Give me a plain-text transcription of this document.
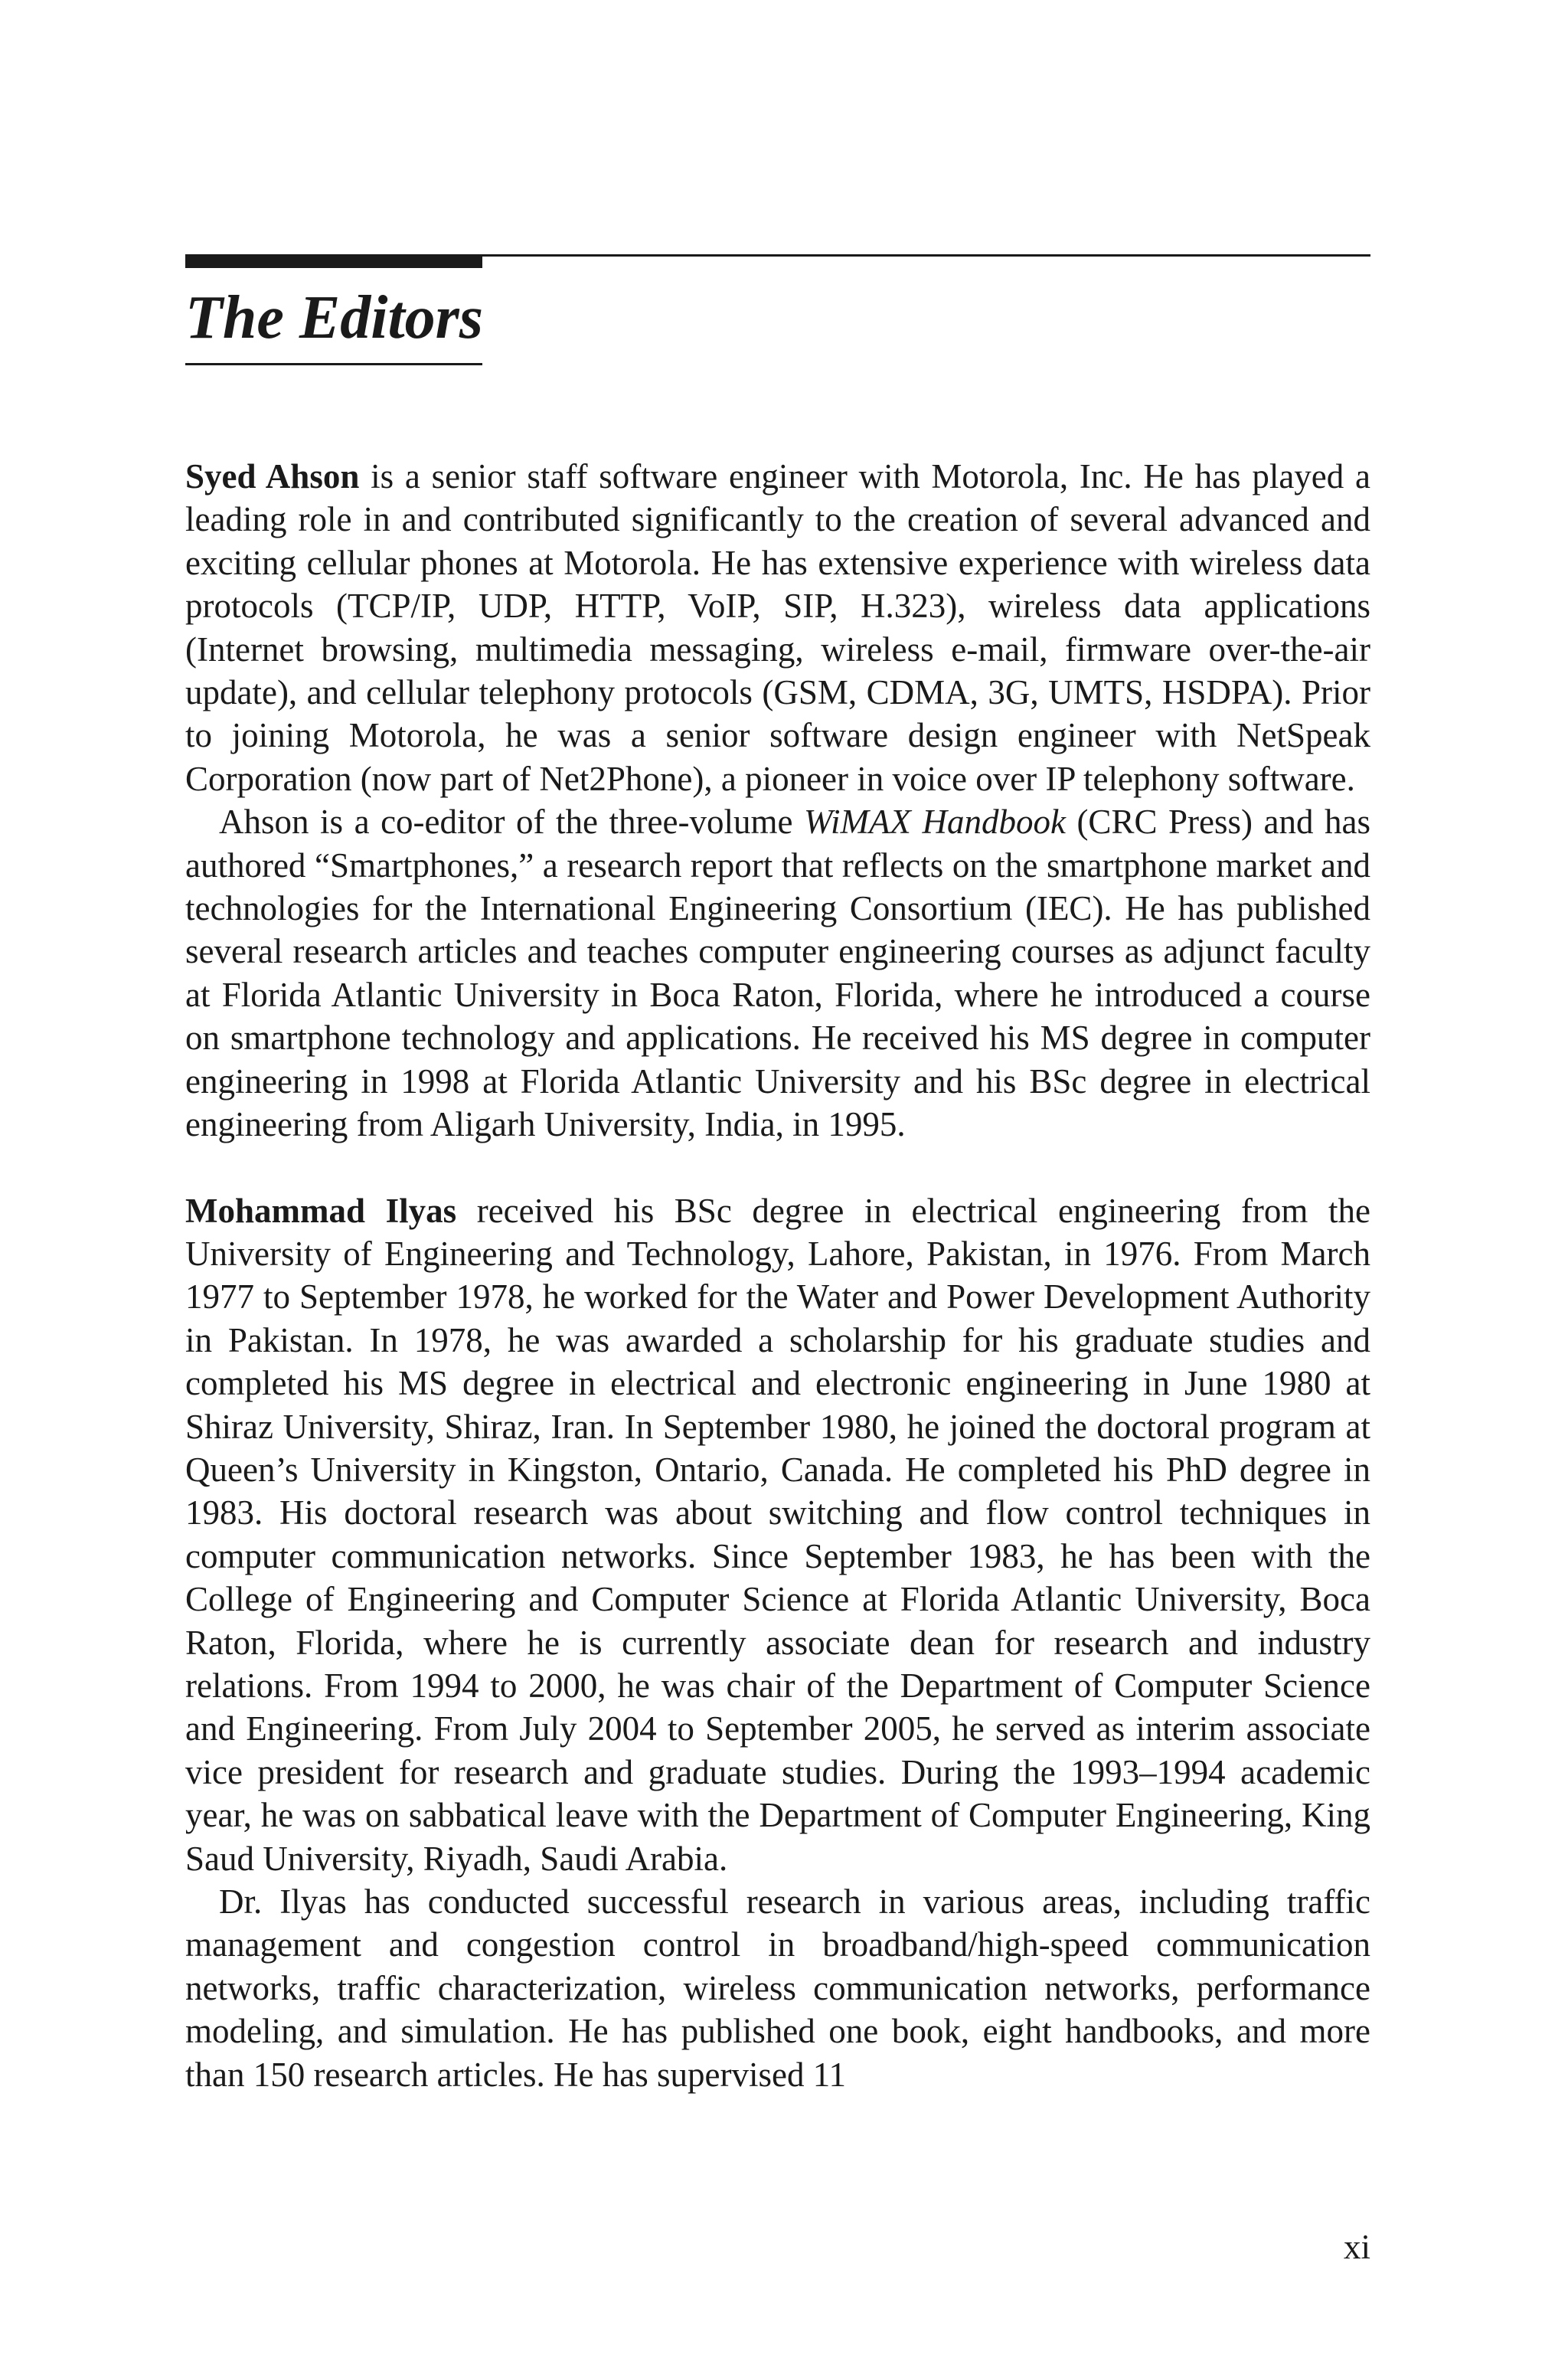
The Editors

Syed Ahson is a senior staff software engineer with Motorola, Inc. He has played a leading role in and contributed significantly to the creation of several advanced and exciting cellular phones at Motorola. He has extensive experience with wireless data protocols (TCP/IP, UDP, HTTP, VoIP, SIP, H.323), wireless data applications (Internet browsing, multimedia messaging, wireless e-mail, firmware over-the-air update), and cellular telephony protocols (GSM, CDMA, 3G, UMTS, HSDPA). Prior to joining Motorola, he was a senior software design engineer with NetSpeak Corporation (now part of Net2Phone), a pioneer in voice over IP telephony software.

Ahson is a co-editor of the three-volume WiMAX Handbook (CRC Press) and has authored “Smartphones,” a research report that reflects on the smartphone market and technologies for the International Engineering Consortium (IEC). He has published several research articles and teaches computer engineering courses as adjunct faculty at Florida Atlantic University in Boca Raton, Florida, where he introduced a course on smartphone technology and applications. He received his MS degree in computer engineering in 1998 at Florida Atlantic University and his BSc degree in electrical engineering from Aligarh University, India, in 1995.

Mohammad Ilyas received his BSc degree in electrical engineering from the University of Engineering and Technology, Lahore, Pakistan, in 1976. From March 1977 to September 1978, he worked for the Water and Power Development Authority in Pakistan. In 1978, he was awarded a scholarship for his graduate studies and completed his MS degree in electrical and electronic engineering in June 1980 at Shiraz University, Shiraz, Iran. In September 1980, he joined the doctoral program at Queen’s University in Kingston, Ontario, Canada. He completed his PhD degree in 1983. His doctoral research was about switching and flow control techniques in computer communication networks. Since September 1983, he has been with the College of Engineering and Computer Science at Florida Atlantic University, Boca Raton, Florida, where he is currently associate dean for research and industry relations. From 1994 to 2000, he was chair of the Department of Computer Science and Engineering. From July 2004 to September 2005, he served as interim associate vice president for research and graduate studies. During the 1993–1994 academic year, he was on sabbatical leave with the Department of Computer Engineering, King Saud University, Riyadh, Saudi Arabia.

Dr. Ilyas has conducted successful research in various areas, including traffic management and congestion control in broadband/high-speed communication networks, traffic characterization, wireless communication networks, performance modeling, and simulation. He has published one book, eight handbooks, and more than 150 research articles. He has supervised 11

xi
